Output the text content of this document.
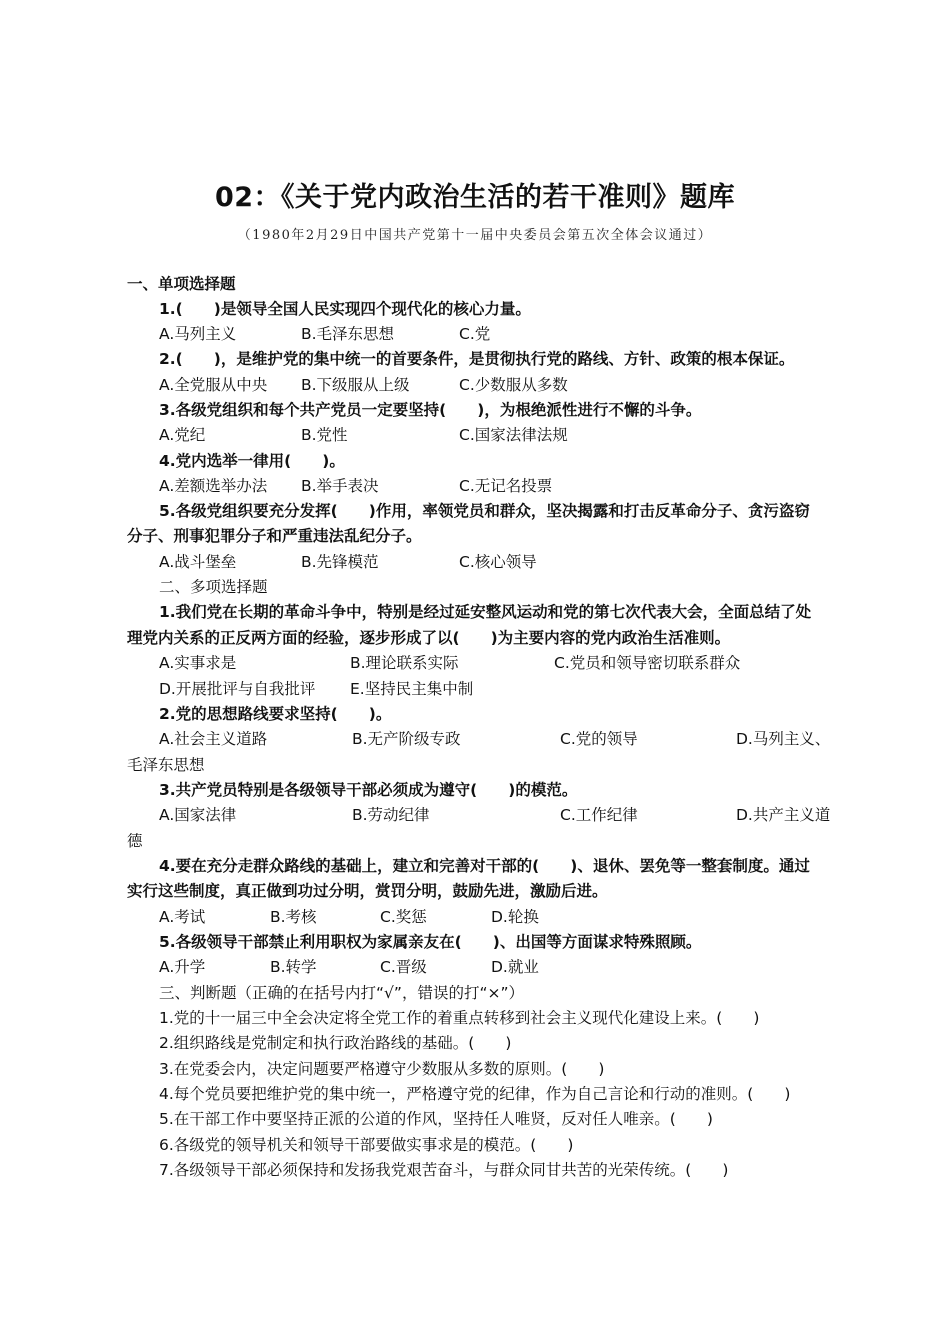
02：《关于党内政治生活的若干准则》题库
（1980年2月29日中国共产党第十一届中央委员会第五次全体会议通过）
一、单项选择题
1.(　　)是领导全国人民实现四个现代化的核心力量。
A.马列主义	B.毛泽东思想	C.党
2.(　　)，是维护党的集中统一的首要条件，是贯彻执行党的路线、方针、政策的根本保证。
A.全党服从中央 B.下级服从上级	C.少数服从多数
3.各级党组织和每个共产党员一定要坚持(　　)，为根绝派性进行不懈的斗争。
A.党纪	B.党性	C.国家法律法规
4.党内选举一律用(　　)。
A.差额选举办法 B.举手表决	C.无记名投票
5.各级党组织要充分发挥(　　)作用，率领党员和群众，坚决揭露和打击反革命分子、贪污盗窃
分子、刑事犯罪分子和严重违法乱纪分子。
A.战斗堡垒	B.先锋模范	C.核心领导
二、多项选择题
1.我们党在长期的革命斗争中，特别是经过延安整风运动和党的第七次代表大会，全面总结了处
理党内关系的正反两方面的经验，逐步形成了以(　　)为主要内容的党内政治生活准则。
A.实事求是	B.理论联系实际	C.党员和领导密切联系群众
D.开展批评与自我批评 E.坚持民主集中制
2.党的思想路线要求坚持(　　)。
A.社会主义道路	B.无产阶级专政	C.党的领导	D.马列主义、
毛泽东思想
3.共产党员特别是各级领导干部必须成为遵守(　　)的模范。
A.国家法律	B.劳动纪律	C.工作纪律	D.共产主义道
德
4.要在充分走群众路线的基础上，建立和完善对干部的(　　)、退休、罢免等一整套制度。通过
实行这些制度，真正做到功过分明，赏罚分明，鼓励先进，激励后进。
A.考试	B.考核	C.奖惩	D.轮换
5.各级领导干部禁止利用职权为家属亲友在(　　)、出国等方面谋求特殊照顾。
A.升学	B.转学	C.晋级	D.就业
三、判断题（正确的在括号内打“√”，错误的打“×”）
1.党的十一届三中全会决定将全党工作的着重点转移到社会主义现代化建设上来。(　　)
2.组织路线是党制定和执行政治路线的基础。(　　)
3.在党委会内，决定问题要严格遵守少数服从多数的原则。(　　)
4.每个党员要把维护党的集中统一，严格遵守党的纪律，作为自己言论和行动的准则。(　　)
5.在干部工作中要坚持正派的公道的作风，坚持任人唯贤，反对任人唯亲。(　　)
6.各级党的领导机关和领导干部要做实事求是的模范。(　　)
7.各级领导干部必须保持和发扬我党艰苦奋斗，与群众同甘共苦的光荣传统。(　　)
